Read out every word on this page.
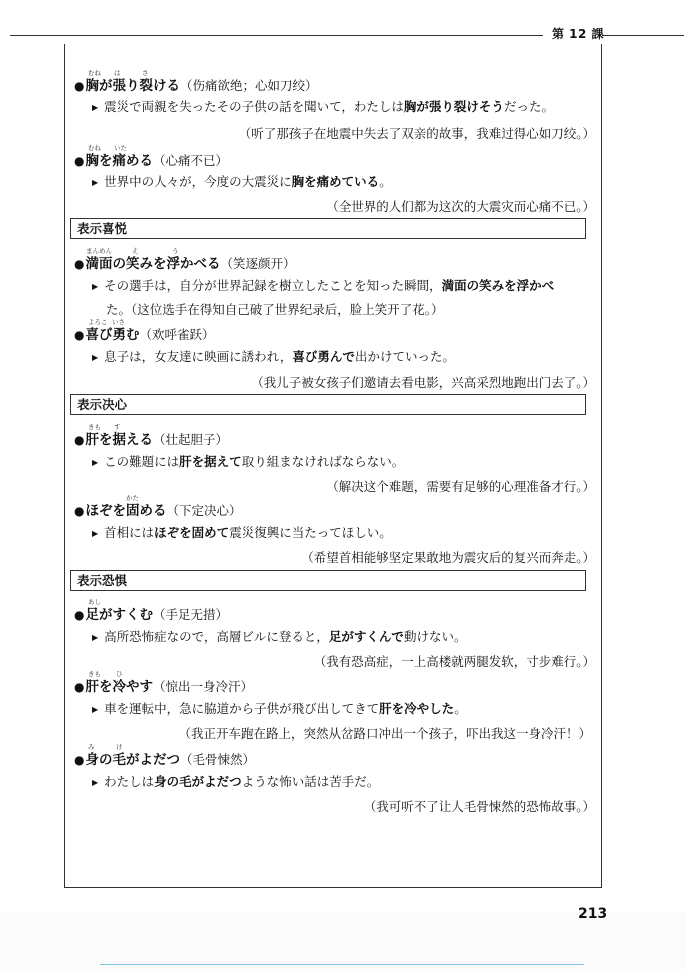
第 12 課
むね は	さ
●胸が張り裂ける（伤痛欲绝；心如刀绞）
▶ 震災で両親を失ったその子供の話を聞いて，わたしは胸が張り裂けそうだった。
（听了那孩子在地震中失去了双亲的故事，我难过得心如刀绞。）
むね いた
●胸を痛める（心痛不已）
▶ 世界中の人々が，今度の大震災に胸を痛めている。
（全世界的人们都为这次的大震灾而心痛不已。）
表示喜悦
まんめん	え	う
●満面の笑みを浮かべる（笑逐颜开）
▶ その選手は，自分が世界記録を樹立したことを知った瞬間，満面の笑みを浮かべ
た。（这位选手在得知自己破了世界纪录后，脸上笑开了花。）
よろこ いさ
●喜び勇む（欢呼雀跃）
▶ 息子は，女友達に映画に誘われ，喜び勇んで出かけていった。
（我儿子被女孩子们邀请去看电影，兴高采烈地跑出门去了。）
表示决心
きも す
●肝を据える（壮起胆子）
▶ この難題には肝を据えて取り組まなければならない。
（解决这个难题，需要有足够的心理准备才行。）
かた
●ほぞを固める（下定决心）
▶ 首相にはほぞを固めて震災復興に当たってほしい。
（希望首相能够坚定果敢地为震灾后的复兴而奔走。）
表示恐惧
あし
●足がすくむ（手足无措）
▶ 高所恐怖症なので，高層ビルに登ると，足がすくんで動けない。
（我有恐高症，一上高楼就两腿发软，寸步难行。）
きも ひ
●肝を冷やす（惊出一身冷汗）
▶ 車を運転中，急に脇道から子供が飛び出してきて肝を冷やした。
（我正开车跑在路上，突然从岔路口冲出一个孩子，吓出我这一身冷汗！）
み	け
●身の毛がよだつ（毛骨悚然）
▶ わたしは身の毛がよだつような怖い話は苦手だ。
（我可听不了让人毛骨悚然的恐怖故事。）
213
